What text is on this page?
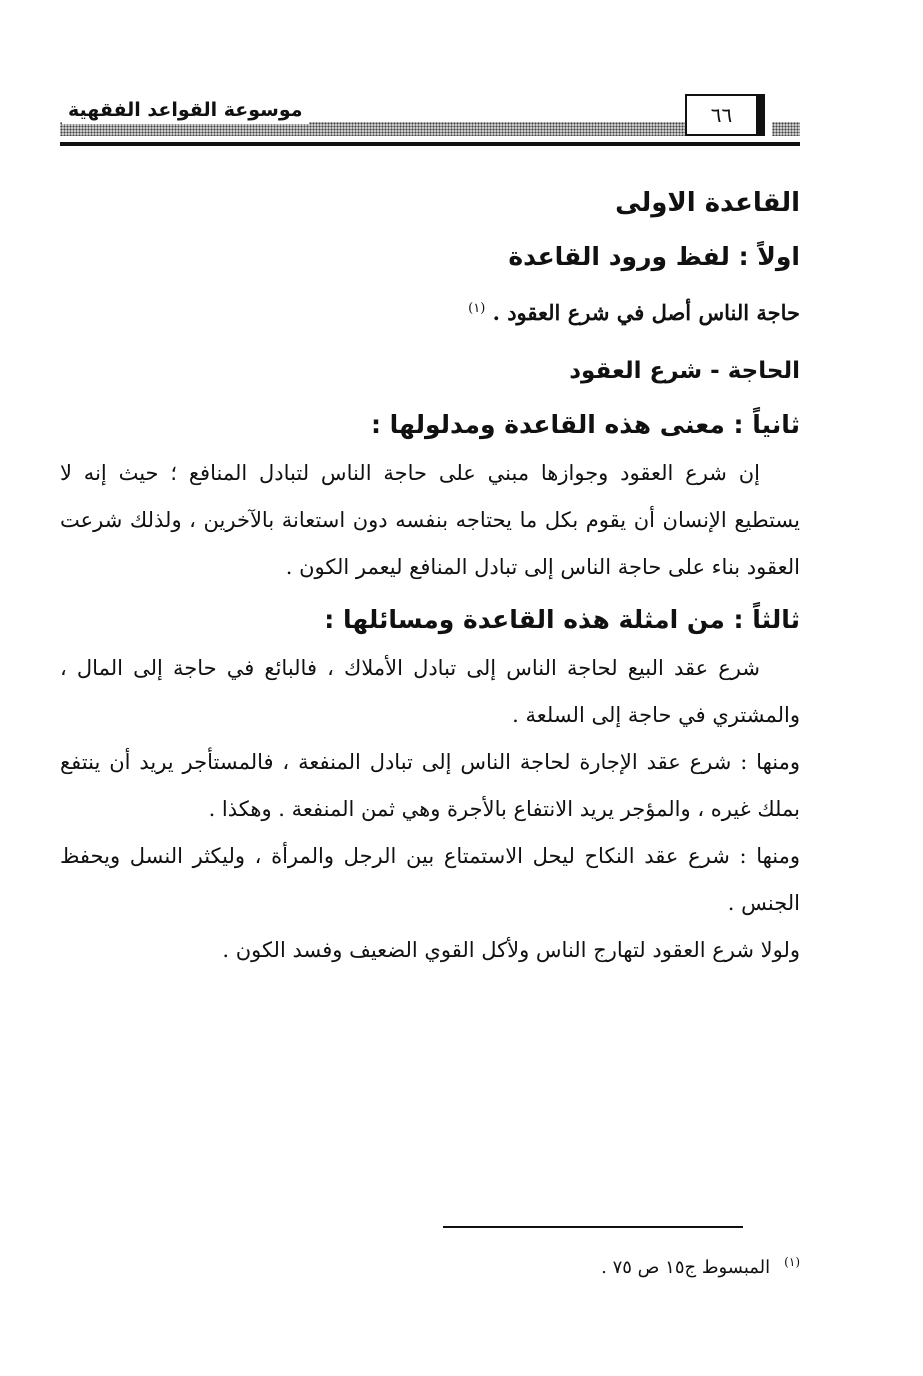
موسوعة القواعد الفقهية	٦٦
القاعدة الاولى
اولاً : لفظ ورود القاعدة
حاجة الناس أصل في شرع العقود . $^{(١)}$
الحاجة - شرع العقود
ثانياً : معنى هذه القاعدة ومدلولها :

إن شرع العقود وجوازها مبني على حاجة الناس لتبادل المنافع ؛ حيث إنه لا يستطيع الإنسان أن يقوم بكل ما يحتاجه بنفسه دون استعانة بالآخرين ، ولذلك شرعت العقود بناء على حاجة الناس إلى تبادل المنافع ليعمر الكون .

ثالثاً : من امثلة هذه القاعدة ومسائلها :

شرع عقد البيع لحاجة الناس إلى تبادل الأملاك ، فالبائع في حاجة إلى المال ، والمشتري في حاجة إلى السلعة .

ومنها : شرع عقد الإجارة لحاجة الناس إلى تبادل المنفعة ، فالمستأجر يريد أن ينتفع بملك غيره ، والمؤجر يريد الانتفاع بالأجرة وهي ثمن المنفعة . وهكذا .

ومنها : شرع عقد النكاح ليحل الاستمتاع بين الرجل والمرأة ، وليكثر النسل ويحفظ الجنس .

ولولا شرع العقود لتهارج الناس ولأكل القوي الضعيف وفسد الكون .

$^{(١)}$المبسوط ج١٥ ص ٧٥ .
